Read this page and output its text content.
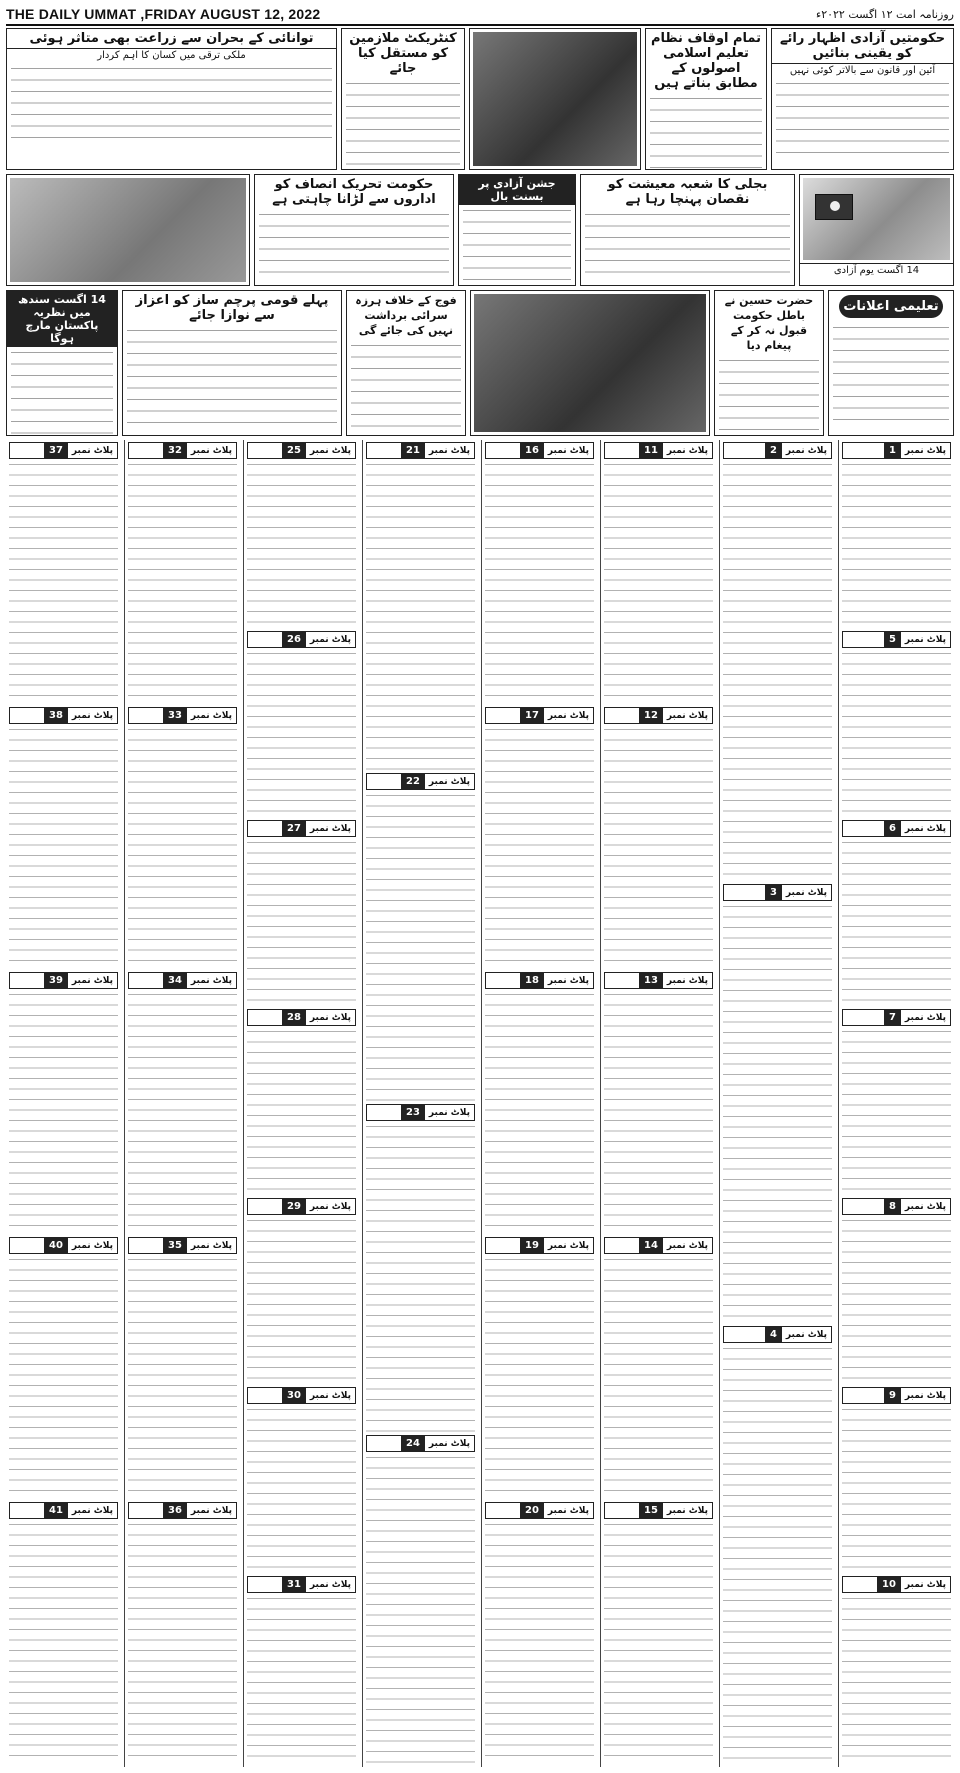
THE DAILY UMMAT ,FRIDAY AUGUST 12, 2022	روزنامہ امت ۱۲ اگست ۲۰۲۲ء
حکومتیں آزادی اظہار رائے کو یقینی بنائیں
آئین اور قانون سے بالاتر کوئی نہیں
تمام اوقاف نظام تعلیم اسلامی اصولوں کے مطابق بناتے ہیں
کنٹریکٹ ملازمین کو مستقل کیا جائے
توانائی کے بحران سے زراعت بھی متاثر ہوئی
ملکی ترقی میں کسان کا اہم کردار
14 اگست یوم آزادی
بجلی کا شعبہ معیشت کو نقصان پہنچا رہا ہے
جشن آزادی پر بسنت بال
حکومت تحریک انصاف کو اداروں سے لڑانا چاہتی ہے
تعلیمی اعلانات
حضرت حسین نے باطل حکومت قبول نہ کر کے پیغام دیا
فوج کے خلاف ہرزہ سرائی برداشت نہیں کی جائے گی
پہلے قومی پرچم ساز کو اعزاز سے نوازا جائے
14 اگست سندھ میں نظریہ پاکستان مارچ ہوگا
پلاٹ نمبر
1
پلاٹ نمبر
5
پلاٹ نمبر
6
پلاٹ نمبر
7
پلاٹ نمبر
8
پلاٹ نمبر
9
پلاٹ نمبر
10
پلاٹ نمبر
2
پلاٹ نمبر
3
پلاٹ نمبر
4
پلاٹ نمبر
11
پلاٹ نمبر
12
پلاٹ نمبر
13
پلاٹ نمبر
14
پلاٹ نمبر
15
پلاٹ نمبر
16
پلاٹ نمبر
17
پلاٹ نمبر
18
پلاٹ نمبر
19
پلاٹ نمبر
20
پلاٹ نمبر
21
پلاٹ نمبر
22
پلاٹ نمبر
23
پلاٹ نمبر
24
پلاٹ نمبر
25
پلاٹ نمبر
26
پلاٹ نمبر
27
پلاٹ نمبر
28
پلاٹ نمبر
29
پلاٹ نمبر
30
پلاٹ نمبر
31
پلاٹ نمبر
32
پلاٹ نمبر
33
پلاٹ نمبر
34
پلاٹ نمبر
35
پلاٹ نمبر
36
پلاٹ نمبر
37
پلاٹ نمبر
38
پلاٹ نمبر
39
پلاٹ نمبر
40
پلاٹ نمبر
41
